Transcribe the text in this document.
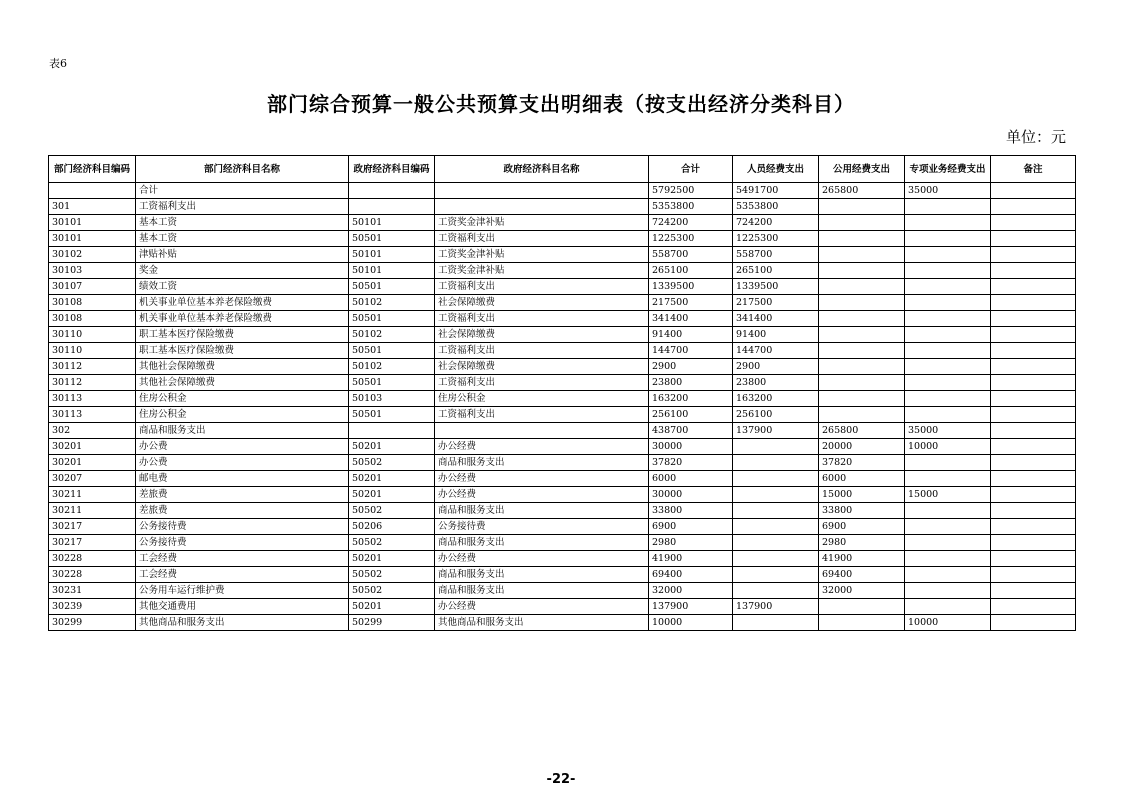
表6
部门综合预算一般公共预算支出明细表（按支出经济分类科目）
单位：元
部门经济科目编码	部门经济科目名称	政府经济科目编码	政府经济科目名称	合计	人员经费支出	公用经费支出	专项业务经费支出	备注
	合计			5792500	5491700	265800	35000	
301	工资福利支出			5353800	5353800			
30101	基本工资	50101	工资奖金津补贴	724200	724200			
30101	基本工资	50501	工资福利支出	1225300	1225300			
30102	津贴补贴	50101	工资奖金津补贴	558700	558700			
30103	奖金	50101	工资奖金津补贴	265100	265100			
30107	绩效工资	50501	工资福利支出	1339500	1339500			
30108	机关事业单位基本养老保险缴费	50102	社会保障缴费	217500	217500			
30108	机关事业单位基本养老保险缴费	50501	工资福利支出	341400	341400			
30110	职工基本医疗保险缴费	50102	社会保障缴费	91400	91400			
30110	职工基本医疗保险缴费	50501	工资福利支出	144700	144700			
30112	其他社会保障缴费	50102	社会保障缴费	2900	2900			
30112	其他社会保障缴费	50501	工资福利支出	23800	23800			
30113	住房公积金	50103	住房公积金	163200	163200			
30113	住房公积金	50501	工资福利支出	256100	256100			
302	商品和服务支出			438700	137900	265800	35000	
30201	办公费	50201	办公经费	30000		20000	10000	
30201	办公费	50502	商品和服务支出	37820		37820		
30207	邮电费	50201	办公经费	6000		6000		
30211	差旅费	50201	办公经费	30000		15000	15000	
30211	差旅费	50502	商品和服务支出	33800		33800		
30217	公务接待费	50206	公务接待费	6900		6900		
30217	公务接待费	50502	商品和服务支出	2980		2980		
30228	工会经费	50201	办公经费	41900		41900		
30228	工会经费	50502	商品和服务支出	69400		69400		
30231	公务用车运行维护费	50502	商品和服务支出	32000		32000		
30239	其他交通费用	50201	办公经费	137900	137900			
30299	其他商品和服务支出	50299	其他商品和服务支出	10000			10000	
-22-
